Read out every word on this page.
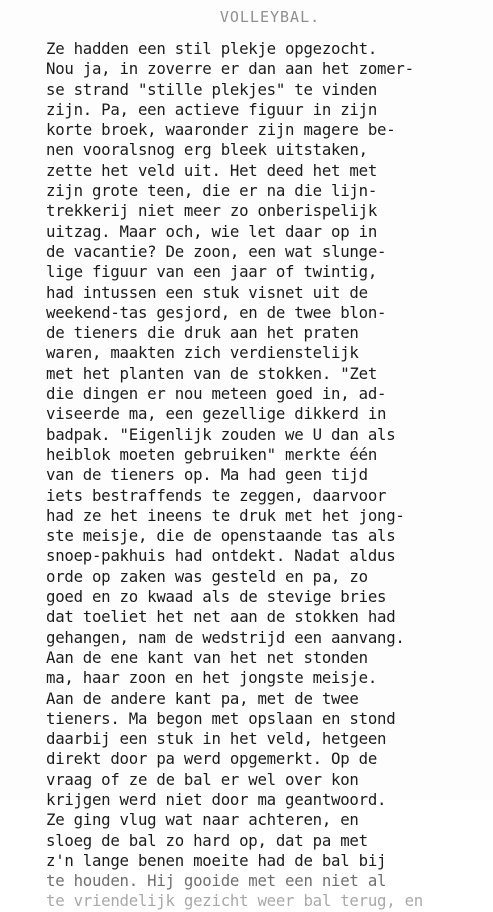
VOLLEYBAL.
Ze hadden een stil plekje opgezocht.
Nou ja, in zoverre er dan aan het zomer-
se strand "stille plekjes" te vinden
zijn. Pa, een actieve figuur in zijn
korte broek, waaronder zijn magere be-
nen vooralsnog erg bleek uitstaken,
zette het veld uit. Het deed het met
zijn grote teen, die er na die lijn-
trekkerij niet meer zo onberispelijk
uitzag. Maar och, wie let daar op in
de vacantie? De zoon, een wat slunge-
lige figuur van een jaar of twintig,
had intussen een stuk visnet uit de
weekend-tas gesjord, en de twee blon-
de tieners die druk aan het praten
waren, maakten zich verdienstelijk
met het planten van de stokken. "Zet
die dingen er nou meteen goed in, ad-
viseerde ma, een gezellige dikkerd in
badpak. "Eigenlijk zouden we U dan als
heiblok moeten gebruiken" merkte één
van de tieners op. Ma had geen tijd
iets bestraffends te zeggen, daarvoor
had ze het ineens te druk met het jong-
ste meisje, die de openstaande tas als
snoep-pakhuis had ontdekt. Nadat aldus
orde op zaken was gesteld en pa, zo
goed en zo kwaad als de stevige bries
dat toeliet het net aan de stokken had
gehangen, nam de wedstrijd een aanvang.
Aan de ene kant van het net stonden
ma, haar zoon en het jongste meisje.
Aan de andere kant pa, met de twee
tieners. Ma begon met opslaan en stond
daarbij een stuk in het veld, hetgeen
direkt door pa werd opgemerkt. Op de
vraag of ze de bal er wel over kon
krijgen werd niet door ma geantwoord.
Ze ging vlug wat naar achteren, en
sloeg de bal zo hard op, dat pa met
z'n lange benen moeite had de bal bij
te houden. Hij gooide met een niet al
te vriendelijk gezicht weer bal terug, en
